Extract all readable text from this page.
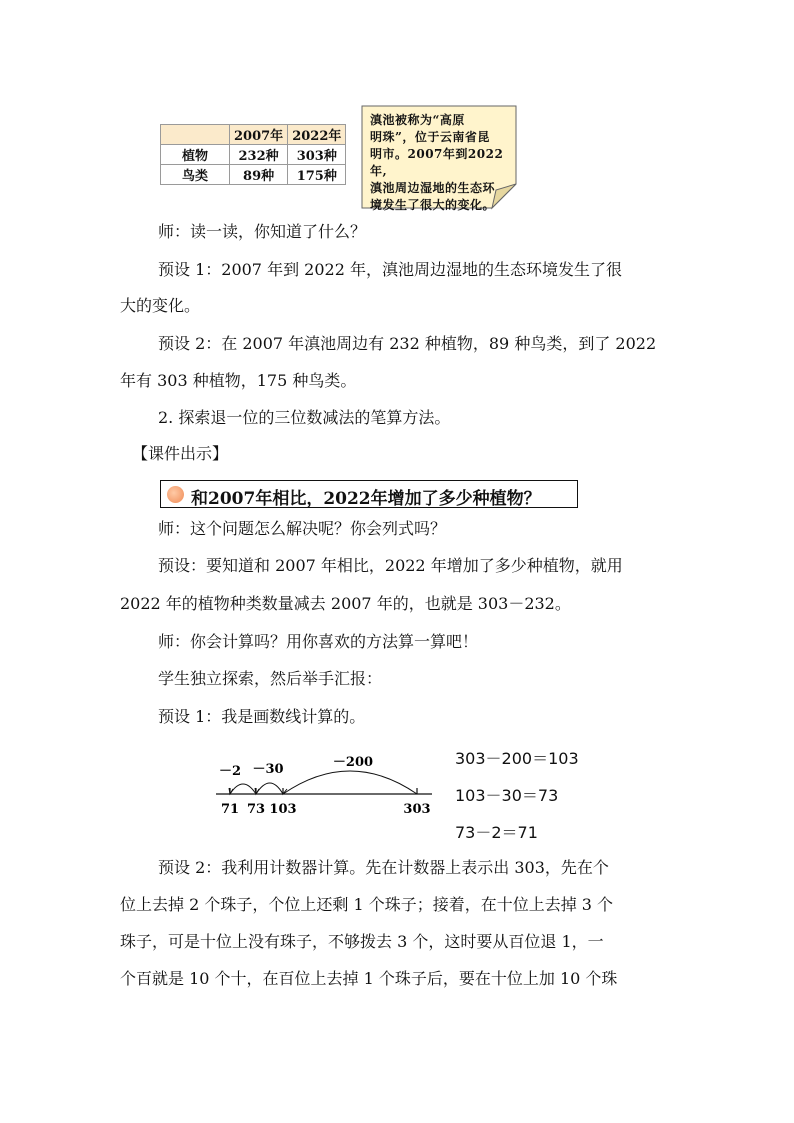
	2007年	2022年
植物	232种	303种
鸟类	89种	175种
滇池被称为“高原
明珠”，位于云南省昆
明市。2007年到2022年,
滇池周边湿地的生态环
境发生了很大的变化。
师：读一读，你知道了什么？
预设 1：2007 年到 2022 年，滇池周边湿地的生态环境发生了很
大的变化。
预设 2：在 2007 年滇池周边有 232 种植物，89 种鸟类，到了 2022
年有 303 种植物，175 种鸟类。
2. 探索退一位的三位数减法的笔算方法。
【课件出示】
和2007年相比，2022年增加了多少种植物？
师：这个问题怎么解决呢？你会列式吗？
预设：要知道和 2007 年相比，2022 年增加了多少种植物，就用
2022 年的植物种类数量减去 2007 年的，也就是 303－232。
师：你会计算吗？用你喜欢的方法算一算吧！
学生独立探索，然后举手汇报：
预设 1：我是画数线计算的。
－2 －30	－200
71 73 103	303
303－200＝103
103－30＝73
73－2＝71
预设 2：我利用计数器计算。先在计数器上表示出 303，先在个
位上去掉 2 个珠子，个位上还剩 1 个珠子；接着，在十位上去掉 3 个
珠子，可是十位上没有珠子，不够拨去 3 个，这时要从百位退 1，一
个百就是 10 个十，在百位上去掉 1 个珠子后，要在十位上加 10 个珠
